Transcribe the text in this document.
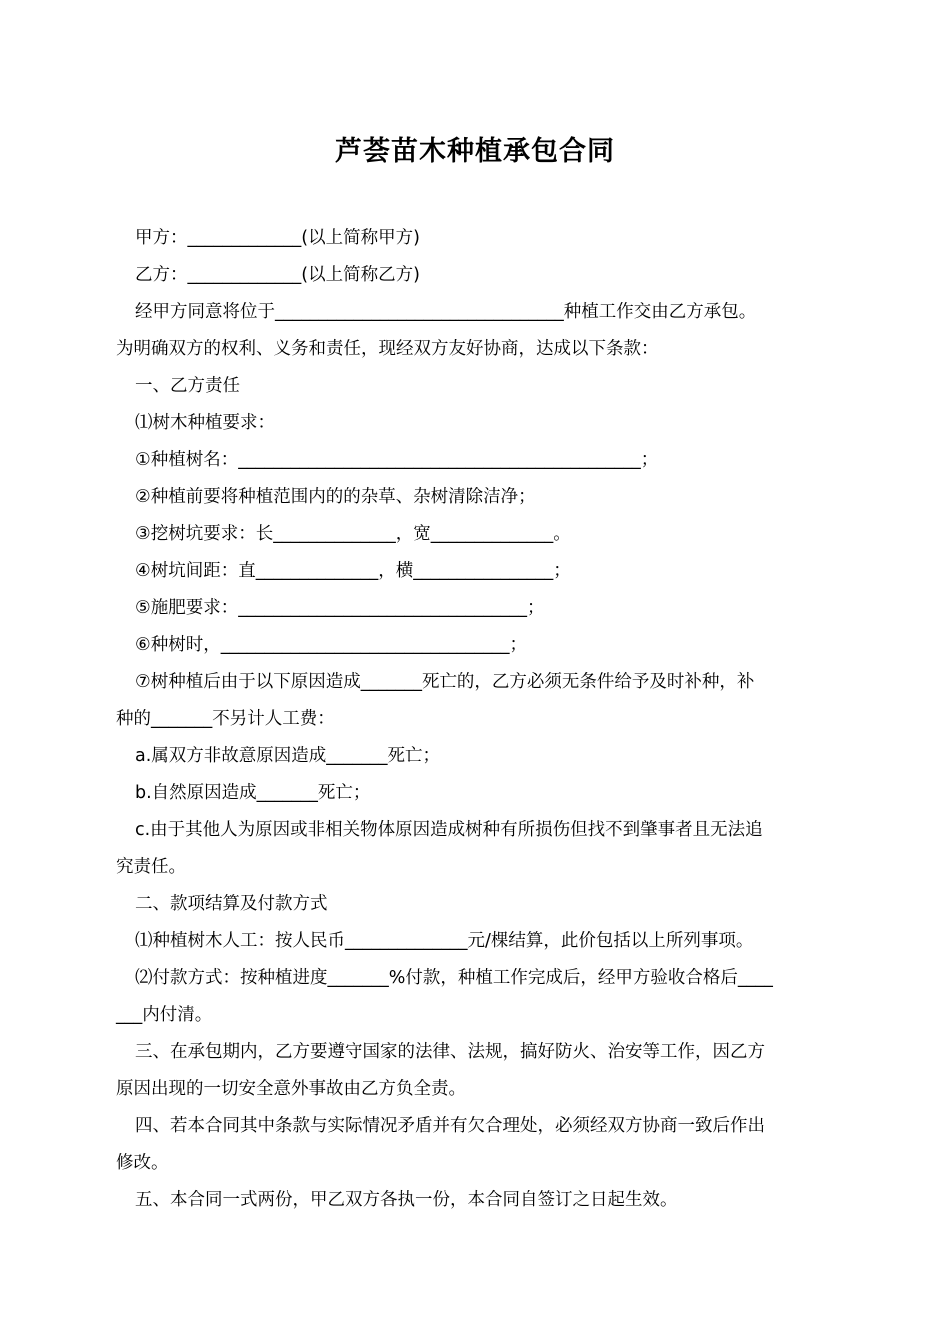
芦荟苗木种植承包合同

甲方：_____________(以上简称甲方)

乙方：_____________(以上简称乙方)

经甲方同意将位于_________________________________种植工作交由乙方承包。

为明确双方的权利、义务和责任，现经双方友好协商，达成以下条款：

一、乙方责任

⑴树木种植要求：

①种植树名：______________________________________________；

②种植前要将种植范围内的的杂草、杂树清除洁净；

③挖树坑要求：长______________，宽______________。

④树坑间距：直______________，横________________；

⑤施肥要求：_________________________________；

⑥种树时，_________________________________；

⑦树种植后由于以下原因造成_______死亡的，乙方必须无条件给予及时补种，补

种的_______不另计人工费：

a.属双方非故意原因造成_______死亡；

b.自然原因造成_______死亡；

c.由于其他人为原因或非相关物体原因造成树种有所损伤但找不到肇事者且无法追

究责任。

二、款项结算及付款方式

⑴种植树木人工：按人民币______________元/棵结算，此价包括以上所列事项。

⑵付款方式：按种植进度_______%付款，种植工作完成后，经甲方验收合格后____

___内付清。

三、在承包期内，乙方要遵守国家的法律、法规，搞好防火、治安等工作，因乙方

原因出现的一切安全意外事故由乙方负全责。

四、若本合同其中条款与实际情况矛盾并有欠合理处，必须经双方协商一致后作出

修改。

五、本合同一式两份，甲乙双方各执一份，本合同自签订之日起生效。
